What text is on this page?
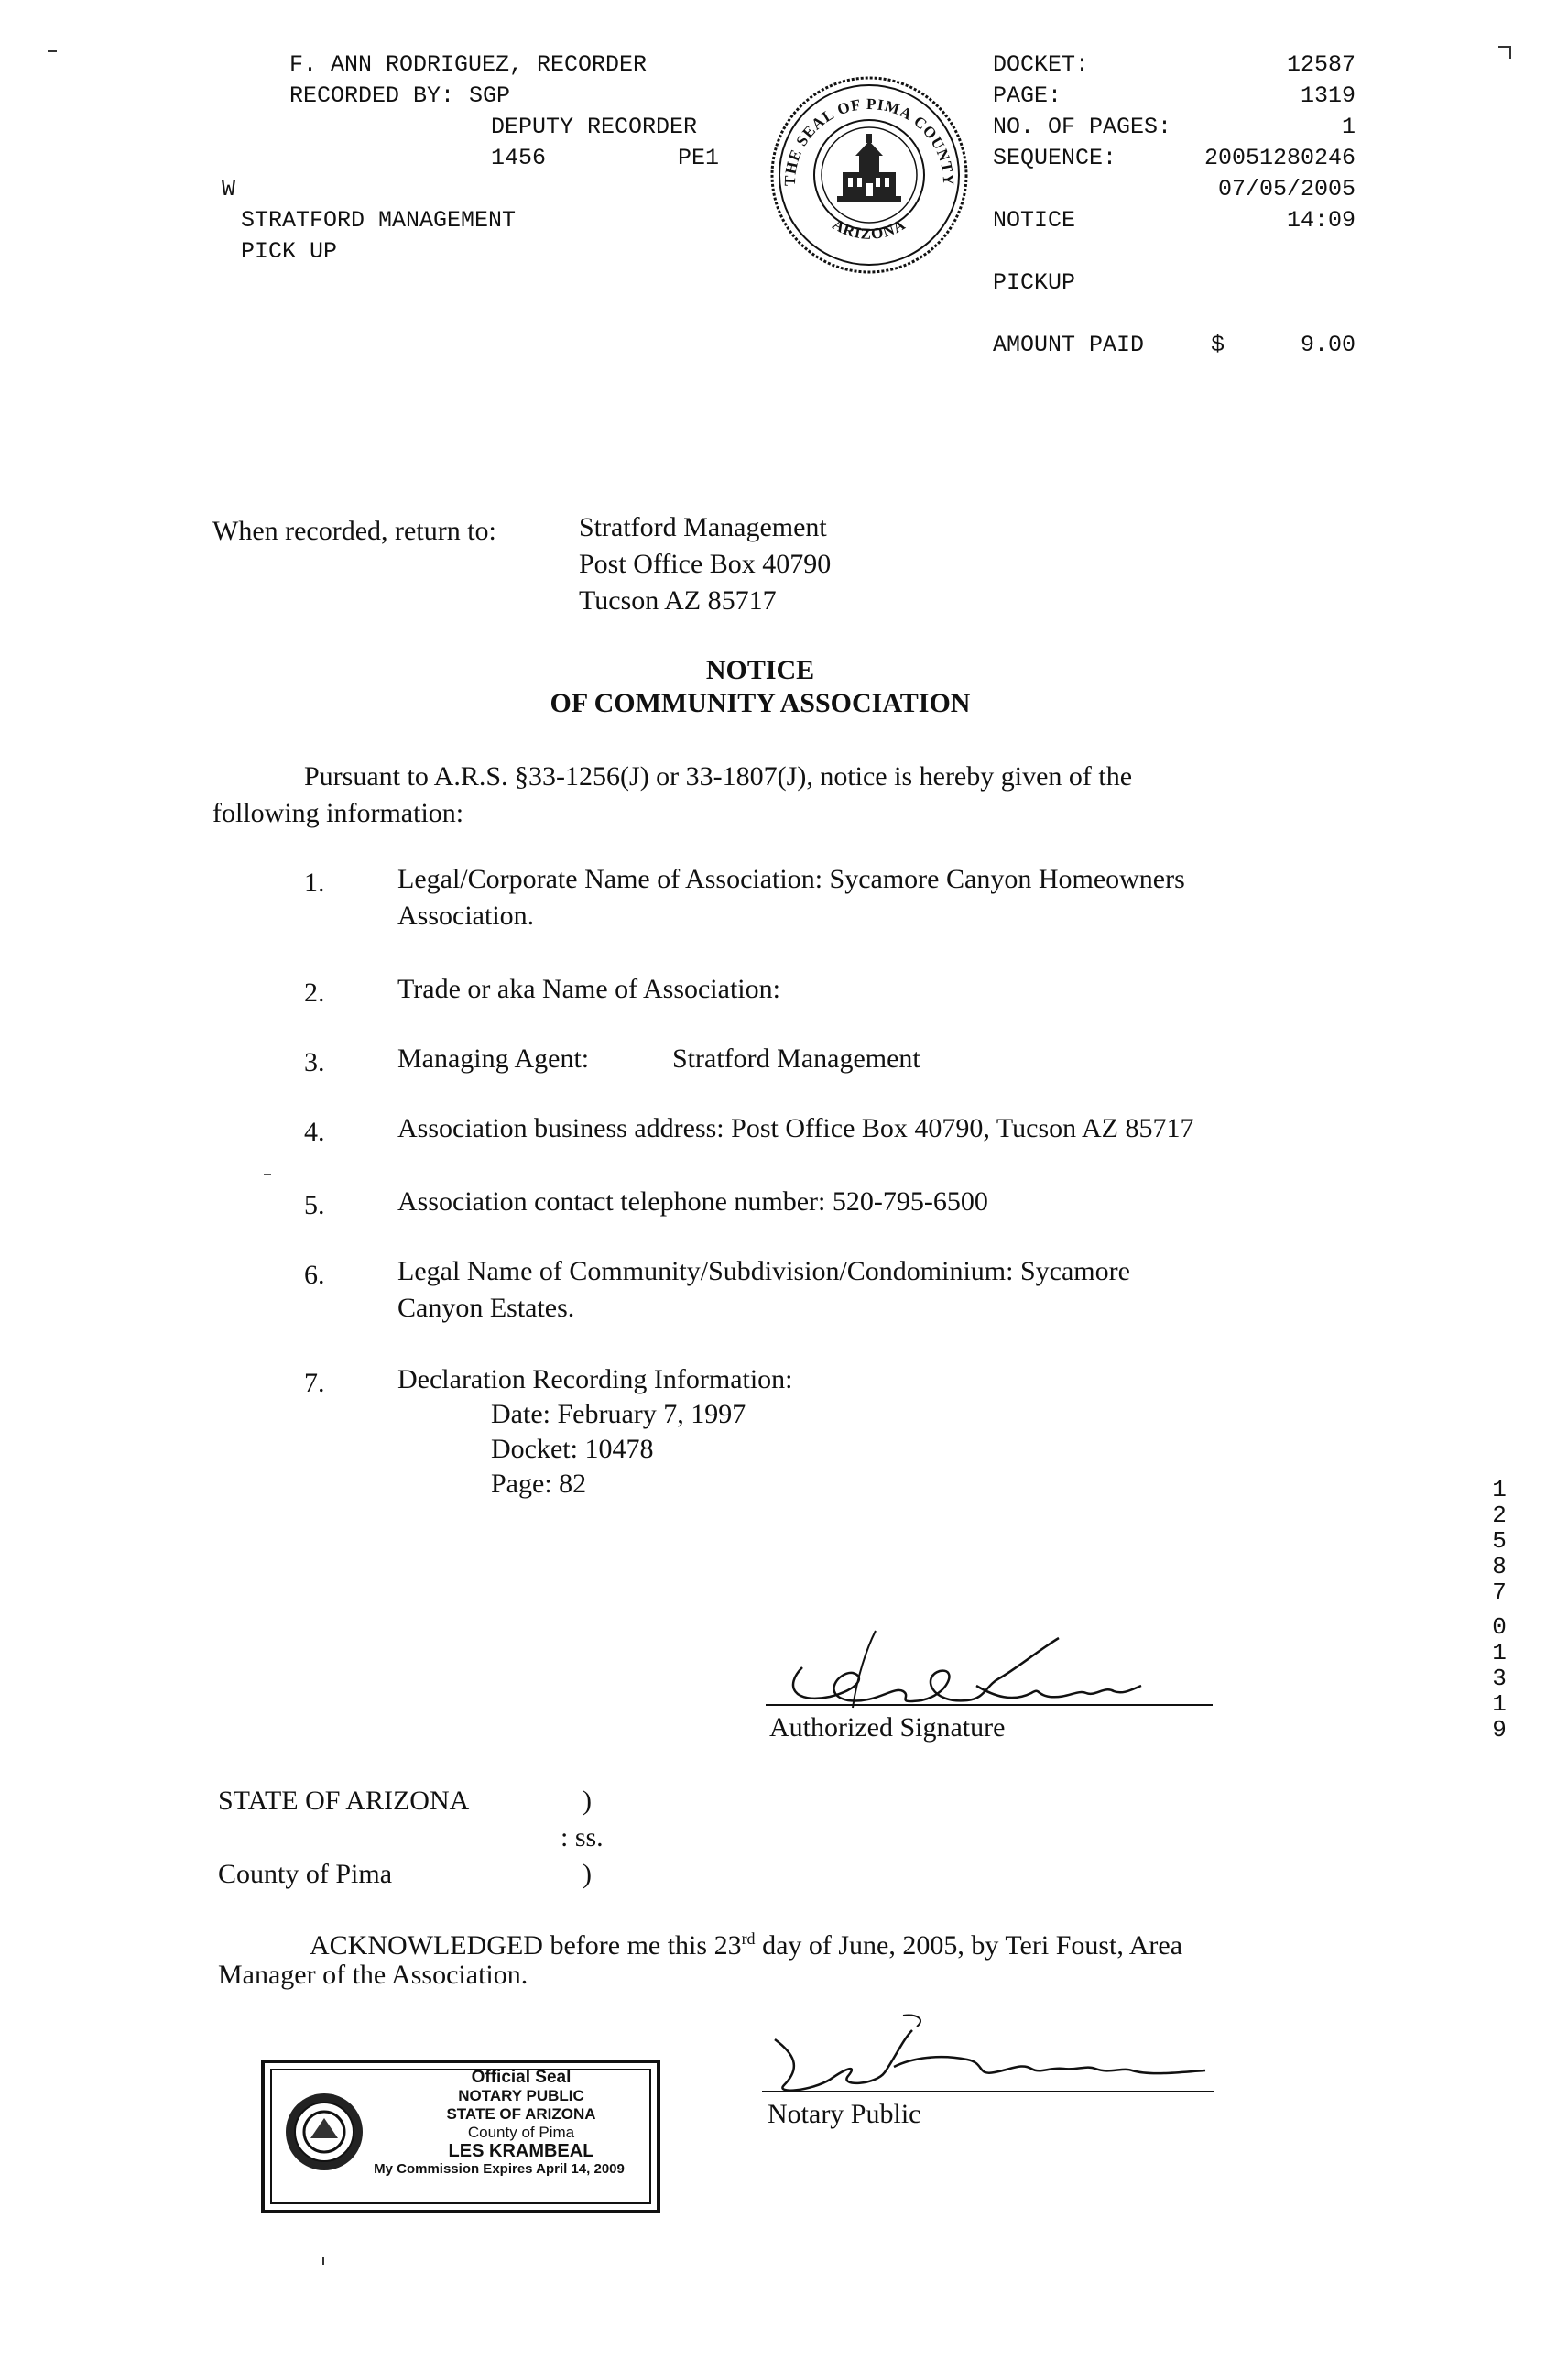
F. ANN RODRIGUEZ, RECORDER
RECORDED BY: SGP
DEPUTY RECORDER
1456	PE1
W
STRATFORD MANAGEMENT
PICK UP
THE SEAL OF PIMA COUNTY
ARIZONA
DOCKET:	12587
PAGE:	1319
NO. OF PAGES:	1
SEQUENCE:	20051280246
07/05/2005
NOTICE	14:09
PICKUP
AMOUNT PAID	$	9.00
When recorded, return to:	Stratford Management
Post Office Box 40790
Tucson AZ 85717
NOTICE
OF COMMUNITY ASSOCIATION
Pursuant to A.R.S. §33-1256(J) or 33-1807(J), notice is hereby given of the
following information:
1.	Legal/Corporate Name of Association: Sycamore Canyon Homeowners
Association.
2.	Trade or aka Name of Association:
3.	Managing Agent:	Stratford Management
4.	Association business address: Post Office Box 40790, Tucson AZ 85717
5.	Association contact telephone number: 520-795-6500
6.	Legal Name of Community/Subdivision/Condominium: Sycamore
Canyon Estates.
7.	Declaration Recording Information:
Date: February 7, 1997
Docket: 10478
Page: 82
Authorized Signature
STATE OF ARIZONA	)
: ss.
County of Pima	)
ACKNOWLEDGED before me this 23rd day of June, 2005, by Teri Foust, Area
Manager of the Association.
Official Seal
NOTARY PUBLIC
STATE OF ARIZONA
County of Pima
LES KRAMBEAL
My Commission Expires April 14, 2009
Notary Public
1
2
5
8
7
0
1
3
1
9
